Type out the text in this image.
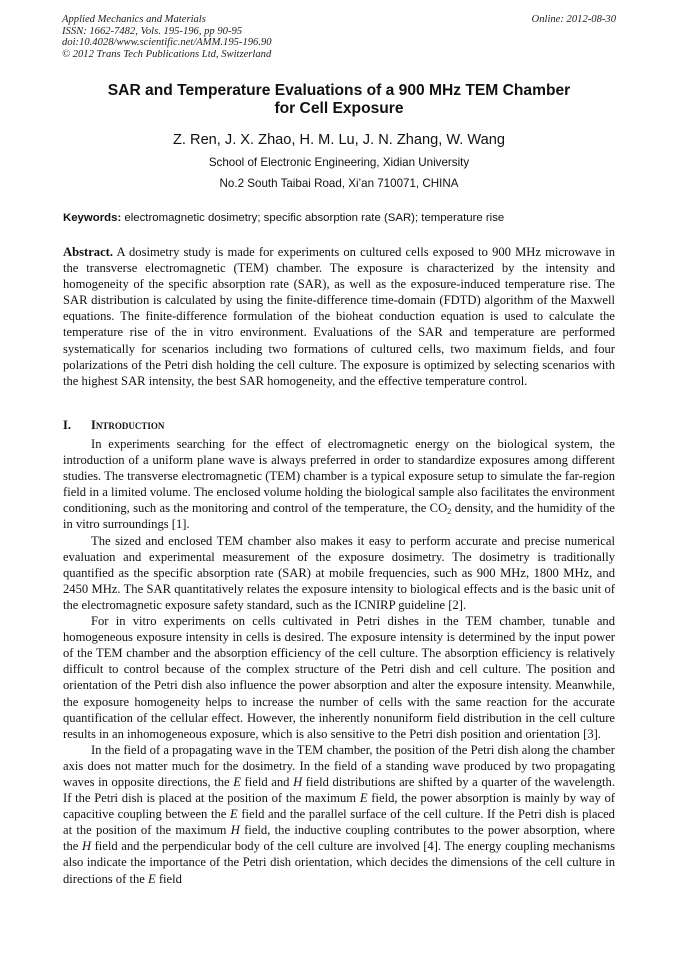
Applied Mechanics and Materials
ISSN: 1662-7482, Vols. 195-196, pp 90-95
doi:10.4028/www.scientific.net/AMM.195-196.90
© 2012 Trans Tech Publications Ltd, Switzerland
Online: 2012-08-30
SAR and Temperature Evaluations of a 900 MHz TEM Chamber
for Cell Exposure
Z. Ren, J. X. Zhao, H. M. Lu, J. N. Zhang, W. Wang
School of Electronic Engineering, Xidian University
No.2 South Taibai Road, Xi’an 710071, CHINA
Keywords: electromagnetic dosimetry; specific absorption rate (SAR); temperature rise
Abstract. A dosimetry study is made for experiments on cultured cells exposed to 900 MHz microwave in the transverse electromagnetic (TEM) chamber. The exposure is characterized by the intensity and homogeneity of the specific absorption rate (SAR), as well as the exposure-induced temperature rise. The SAR distribution is calculated by using the finite-difference time-domain (FDTD) algorithm of the Maxwell equations. The finite-difference formulation of the bioheat conduction equation is used to calculate the temperature rise of the in vitro environment. Evaluations of the SAR and temperature are performed systematically for scenarios including two formations of cultured cells, two maximum fields, and four polarizations of the Petri dish holding the cell culture. The exposure is optimized by selecting scenarios with the highest SAR intensity, the best SAR homogeneity, and the effective temperature control.
I. Introduction

In experiments searching for the effect of electromagnetic energy on the biological system, the introduction of a uniform plane wave is always preferred in order to standardize exposures among different studies. The transverse electromagnetic (TEM) chamber is a typical exposure setup to simulate the far-region field in a limited volume. The enclosed volume holding the biological sample also facilitates the environment conditioning, such as the monitoring and control of the temperature, the $CO_2$ density, and the humidity of the in vitro surroundings [1].

The sized and enclosed TEM chamber also makes it easy to perform accurate and precise numerical evaluation and experimental measurement of the exposure dosimetry. The dosimetry is traditionally quantified as the specific absorption rate (SAR) at mobile frequencies, such as 900 MHz, 1800 MHz, and 2450 MHz. The SAR quantitatively relates the exposure intensity to biological effects and is the basic unit of the electromagnetic exposure safety standard, such as the ICNIRP guideline [2].

For in vitro experiments on cells cultivated in Petri dishes in the TEM chamber, tunable and homogeneous exposure intensity in cells is desired. The exposure intensity is determined by the input power of the TEM chamber and the absorption efficiency of the cell culture. The absorption efficiency is relatively difficult to control because of the complex structure of the Petri dish and cell culture. The position and orientation of the Petri dish also influence the power absorption and alter the exposure intensity. Meanwhile, the exposure homogeneity helps to increase the number of cells with the same reaction for the accurate quantification of the cellular effect. However, the inherently nonuniform field distribution in the cell culture results in an inhomogeneous exposure, which is also sensitive to the Petri dish position and orientation [3].

In the field of a propagating wave in the TEM chamber, the position of the Petri dish along the chamber axis does not matter much for the dosimetry. In the field of a standing wave produced by two propagating waves in opposite directions, the E field and H field distributions are shifted by a quarter of the wavelength. If the Petri dish is placed at the position of the maximum E field, the power absorption is mainly by way of capacitive coupling between the E field and the parallel surface of the cell culture. If the Petri dish is placed at the position of the maximum H field, the inductive coupling contributes to the power absorption, where the H field and the perpendicular body of the cell culture are involved [4]. The energy coupling mechanisms also indicate the importance of the Petri dish orientation, which decides the dimensions of the cell culture in directions of the E field
